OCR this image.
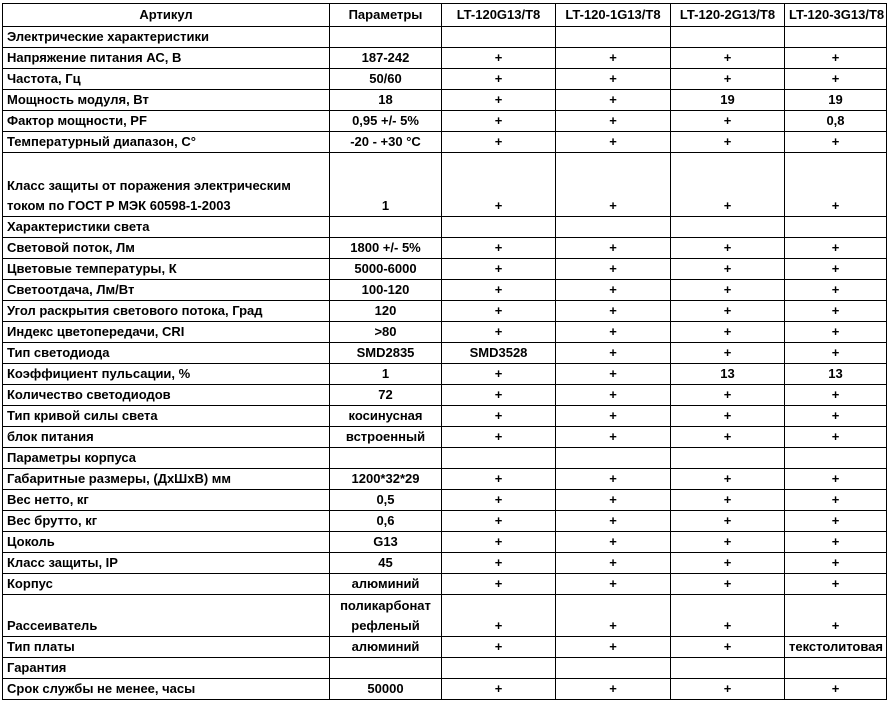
Артикул	Параметры	LT-120G13/T8	LT-120-1G13/T8	LT-120-2G13/T8	LT-120-3G13/T8
Электрические характеристики					
Напряжение питания АС, В	187-242	+	+	+	+
Частота, Гц	50/60	+	+	+	+
Мощность модуля, Вт	18	+	+	19	19
Фактор мощности, PF	0,95 +/- 5%	+	+	+	0,8
Температурный диапазон, С°	-20 - +30 °С	+	+	+	+
Класс защиты от поражения электрическим током по ГОСТ Р МЭК 60598-1-2003	1	+	+	+	+
Характеристики света					
Световой поток, Лм	1800 +/- 5%	+	+	+	+
Цветовые температуры, К	5000-6000	+	+	+	+
Светоотдача, Лм/Вт	100-120	+	+	+	+
Угол раскрытия светового потока, Град	120	+	+	+	+
Индекс цветопередачи, CRI	>80	+	+	+	+
Тип светодиода	SMD2835	SMD3528	+	+	+
Коэффициент пульсации, %	1	+	+	13	13
Количество светодиодов	72	+	+	+	+
Тип кривой силы света	косинусная	+	+	+	+
блок питания	встроенный	+	+	+	+
Параметры корпуса					
Габаритные размеры, (ДхШхВ) мм	1200*32*29	+	+	+	+
Вес нетто, кг	0,5	+	+	+	+
Вес брутто, кг	0,6	+	+	+	+
Цоколь	G13	+	+	+	+
Класс защиты, IP	45	+	+	+	+
Корпус	алюминий	+	+	+	+
Рассеиватель	поликарбонат рефленый	+	+	+	+
Тип платы	алюминий	+	+	+	текстолитовая
Гарантия					
Срок службы не менее, часы	50000	+	+	+	+
